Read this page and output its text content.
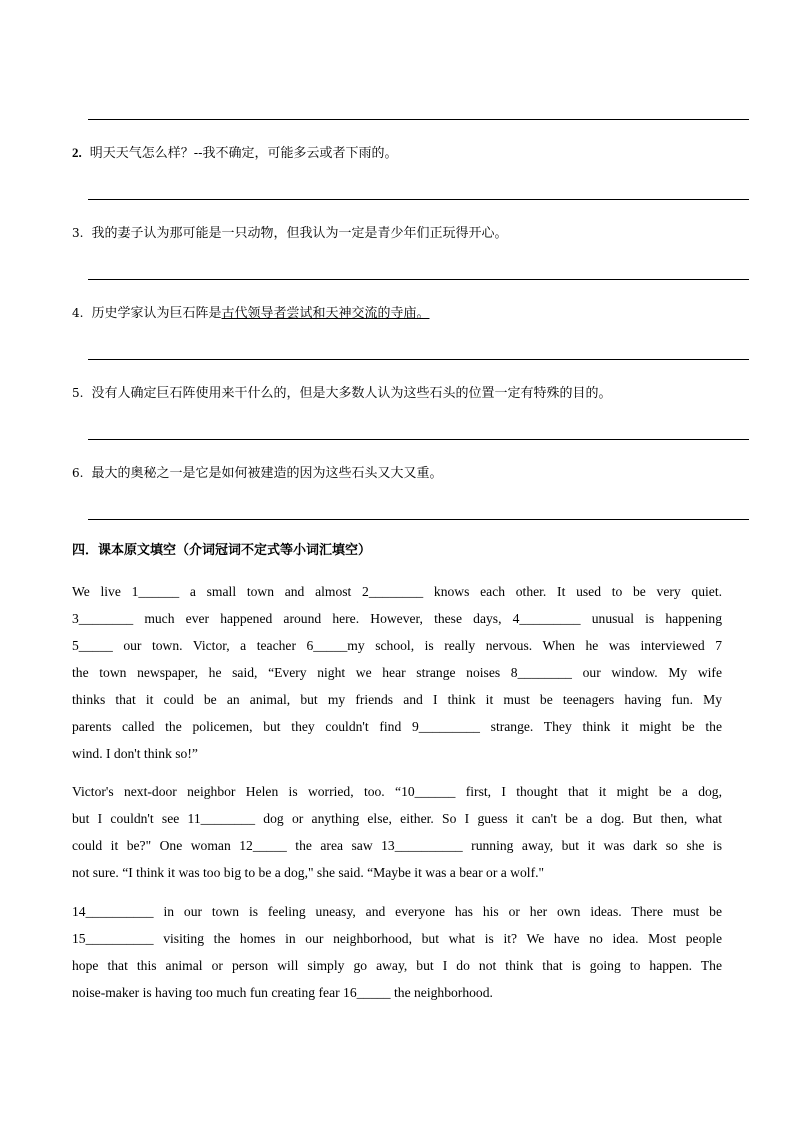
2. 明天天气怎么样？--我不确定，可能多云或者下雨的。
3. 我的妻子认为那可能是一只动物，但我认为一定是青少年们正玩得开心。
4. 历史学家认为巨石阵是古代领导者尝试和天神交流的寺庙。
5. 没有人确定巨石阵使用来干什么的，但是大多数人认为这些石头的位置一定有特殊的目的。
6. 最大的奥秘之一是它是如何被建造的因为这些石头又大又重。
四．课本原文填空（介词冠词不定式等小词汇填空）
We live 1______ a small town and almost 2________ knows each other. It used to be very quiet.
3________ much ever happened around here. However, these days, 4_________ unusual is happening
5_____ our town. Victor, a teacher 6_____my school, is really nervous. When he was interviewed 7
the town newspaper, he said, “Every night we hear strange noises 8________ our window. My wife
thinks that it could be an animal, but my friends and I think it must be teenagers having fun. My
parents called the policemen, but they couldn't find 9_________ strange. They think it might be the
wind. I don't think so!”
Victor's next-door neighbor Helen is worried, too. “10______ first, I thought that it might be a dog,
but I couldn't see 11________ dog or anything else, either. So I guess it can't be a dog. But then, what
could it be?" One woman 12_____ the area saw 13__________ running away, but it was dark so she is
not sure. “I think it was too big to be a dog," she said. “Maybe it was a bear or a wolf."
14__________ in our town is feeling uneasy, and everyone has his or her own ideas. There must be
15__________ visiting the homes in our neighborhood, but what is it? We have no idea. Most people
hope that this animal or person will simply go away, but I do not think that is going to happen. The
noise-maker is having too much fun creating fear 16_____ the neighborhood.
